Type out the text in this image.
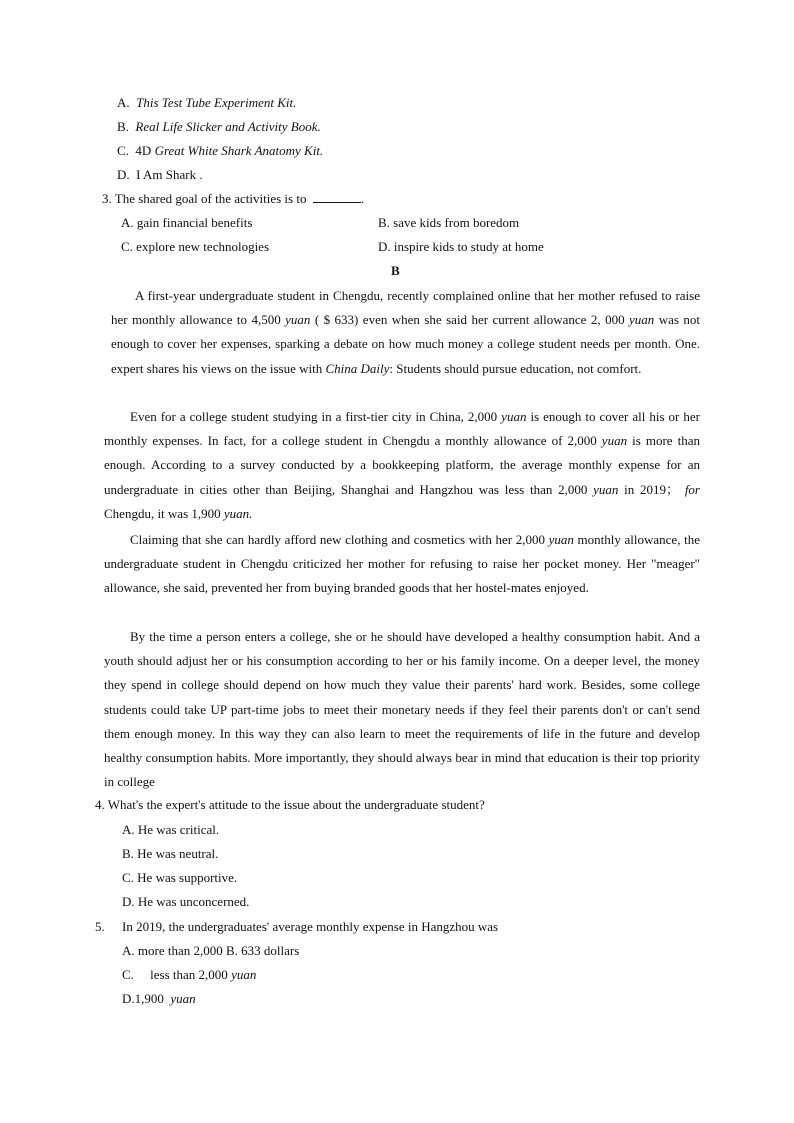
A. This Test Tube Experiment Kit.
B. Real Life Slicker and Activity Book.
C. 4D Great White Shark Anatomy Kit.
D. I Am Shark .
3. The shared goal of the activities is to	.
A. gain financial benefits	B. save kids from boredom
C. explore new technologies	D. inspire kids to study at home
B
A first-year undergraduate student in Chengdu, recently complained online that her mother refused to raise her monthly allowance to 4,500 yuan ( $ 633) even when she said her current allowance 2, 000 yuan was not enough to cover her expenses, sparking a debate on how much money a college student needs per month. One. expert shares his views on the issue with China Daily: Students should pursue education, not comfort.
Even for a college student studying in a first-tier city in China, 2,000 yuan is enough to cover all his or her monthly expenses. In fact, for a college student in Chengdu a monthly allowance of 2,000 yuan is more than enough. According to a survey conducted by a bookkeeping platform, the average monthly expense for an undergraduate in cities other than Beijing, Shanghai and Hangzhou was less than 2,000 yuan in 2019； for Chengdu, it was 1,900 yuan.
Claiming that she can hardly afford new clothing and cosmetics with her 2,000 yuan monthly allowance, the undergraduate student in Chengdu criticized her mother for refusing to raise her pocket money. Her "meager" allowance, she said, prevented her from buying branded goods that her hostel-mates enjoyed.
By the time a person enters a college, she or he should have developed a healthy consumption habit. And a youth should adjust her or his consumption according to her or his family income. On a deeper level, the money they spend in college should depend on how much they value their parents' hard work. Besides, some college students could take UP part-time jobs to meet their monetary needs if they feel their parents don't or can't send them enough money. In this way they can also learn to meet the requirements of life in the future and develop healthy consumption habits. More importantly, they should always bear in mind that education is their top priority in college
4. What's the expert's attitude to the issue about the undergraduate student?
A. He was critical.
B. He was neutral.
C. He was supportive.
D. He was unconcerned.
5. In 2019, the undergraduates' average monthly expense in Hangzhou was
A. more than 2,000 B. 633 dollars
C.     less than 2,000 yuan
D.1,900  yuan
